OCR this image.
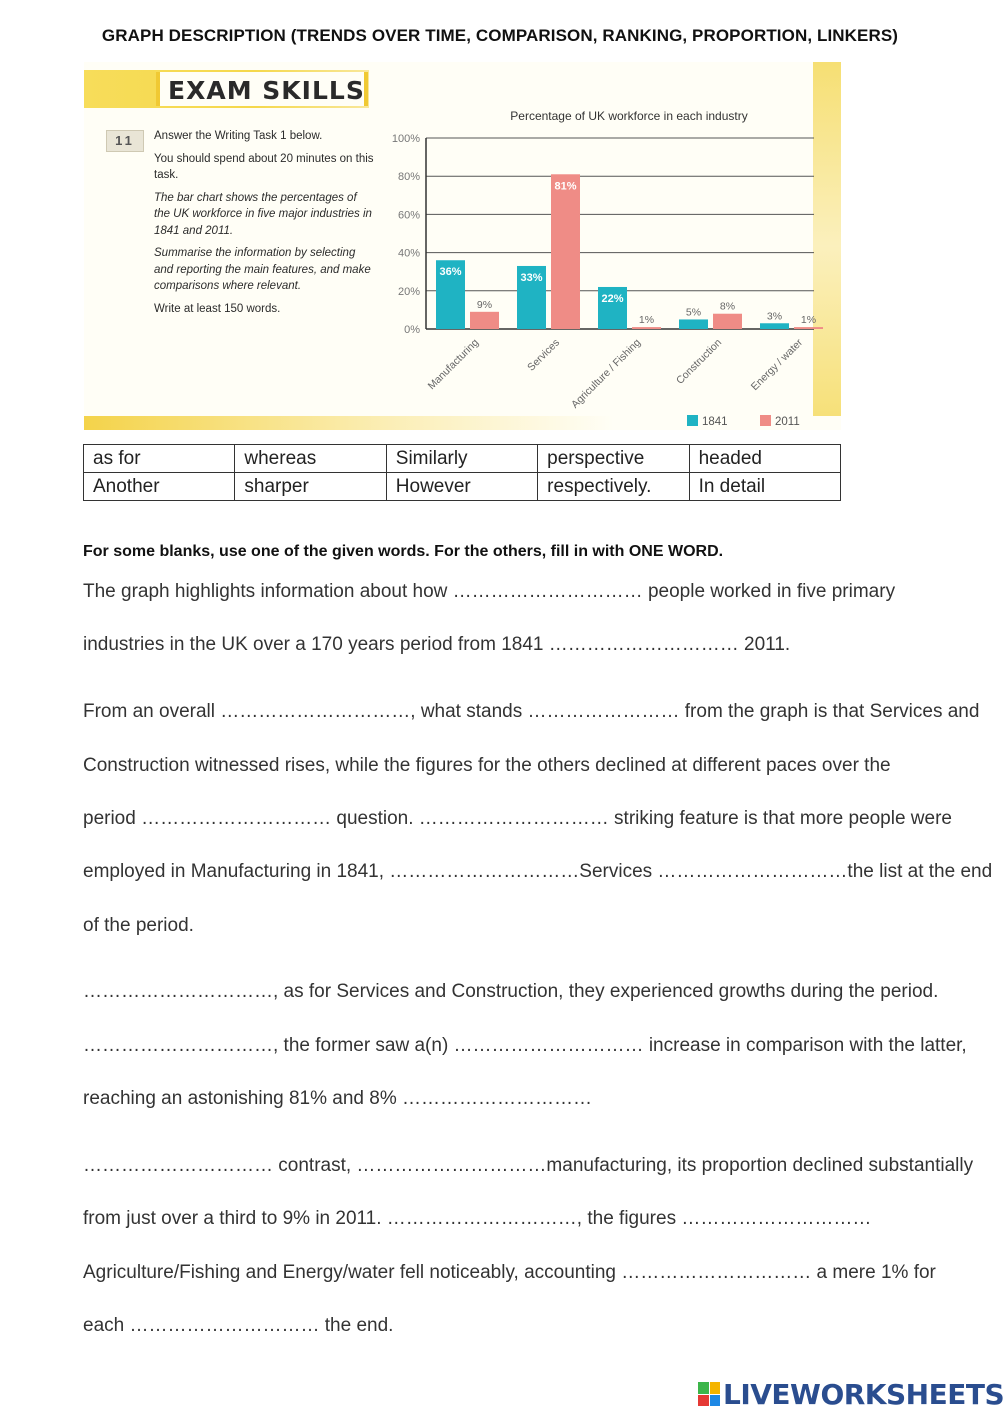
GRAPH DESCRIPTION (TRENDS OVER TIME, COMPARISON, RANKING, PROPORTION, LINKERS)
EXAM SKILLS
11	Answer the Writing Task 1 below.

You should spend about 20 minutes on this task.

The bar chart shows the percentages of the UK workforce in five major industries in 1841 and 2011.

Summarise the information by selecting and reporting the main features, and make comparisons where relevant.

Write at least 150 words.

Percentage of UK workforce in each industry
0%
20%
40%
60%
80%
100%
36%
9%
Manufacturing
33%
81%
Services
22%
1%
Agriculture / Fishing
5% 8%
Construction
3% 1%
Energy / water
1841	2011
as for	whereas	Similarly	perspective	headed
Another	sharper	However	respectively.	In detail
For some blanks, use one of the given words. For the others, fill in with ONE WORD.
The graph highlights information about how ………………………… people worked in five primary
industries in the UK over a 170 years period from 1841 ………………………… 2011.
From an overall …………………………, what stands …………………… from the graph is that Services and
Construction witnessed rises, while the figures for the others declined at different paces over the
period ………………………… question. ………………………… striking feature is that more people were
employed in Manufacturing in 1841, …………………………Services …………………………the list at the end
of the period.
…………………………, as for Services and Construction, they experienced growths during the period.
…………………………, the former saw a(n) ………………………… increase in comparison with the latter,
reaching an astonishing 81% and 8% …………………………
………………………… contrast, …………………………manufacturing, its proportion declined substantially
from just over a third to 9% in 2011. …………………………, the figures …………………………
Agriculture/Fishing and Energy/water fell noticeably, accounting ………………………… a mere 1% for
each ………………………… the end.
LIVEWORKSHEETS
